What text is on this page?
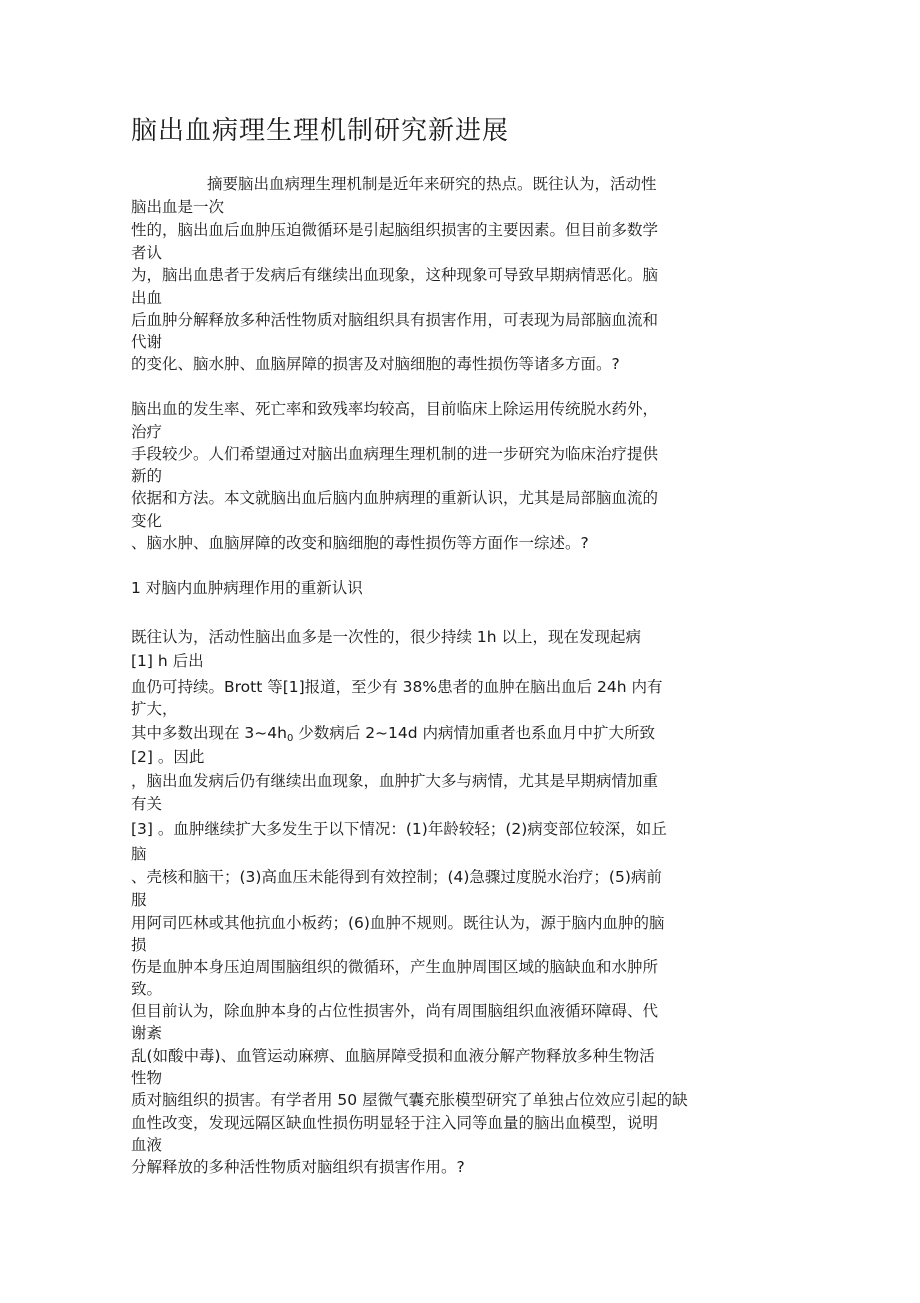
脑出血病理生理机制研究新进展

摘要脑出血病理生理机制是近年来研究的热点。既往认为，活动性

脑出血是一次

性的，脑出血后血肿压迫微循环是引起脑组织损害的主要因素。但目前多数学

者认

为，脑出血患者于发病后有继续出血现象，这种现象可导致早期病情恶化。脑

出血

后血肿分解释放多种活性物质对脑组织具有损害作用，可表现为局部脑血流和

代谢

的变化、脑水肿、血脑屏障的损害及对脑细胞的毒性损伤等诸多方面。?

脑出血的发生率、死亡率和致残率均较高，目前临床上除运用传统脱水药外，

治疗

手段较少。人们希望通过对脑出血病理生理机制的进一步研究为临床治疗提供

新的

依据和方法。本文就脑出血后脑内血肿病理的重新认识，尤其是局部脑血流的

变化

、脑水肿、血脑屏障的改变和脑细胞的毒性损伤等方面作一综述。?

1 对脑内血肿病理作用的重新认识

既往认为，活动性脑出血多是一次性的，很少持续 1h 以上，现在发现起病

[1] h 后出

血仍可持续。Brott 等[1]报道，至少有 38%患者的血肿在脑出血后 24h 内有

扩大，

其中多数出现在 $3\sim 4h_0$ 少数病后 2~14d 内病情加重者也系血月中扩大所致

[2] 。因此

，脑出血发病后仍有继续出血现象，血肿扩大多与病情，尤其是早期病情加重

有关

[3] 。血肿继续扩大多发生于以下情况：(1)年龄较轻；(2)病变部位较深，如丘

脑

、壳核和脑干；(3)高血压未能得到有效控制；(4)急骤过度脱水治疗；(5)病前

服

用阿司匹林或其他抗血小板药；(6)血肿不规则。既往认为，源于脑内血肿的脑

损

伤是血肿本身压迫周围脑组织的微循环，产生血肿周围区域的脑缺血和水肿所

致。

但目前认为，除血肿本身的占位性损害外，尚有周围脑组织血液循环障碍、代

谢紊

乱(如酸中毒)、血管运动麻痹、血脑屏障受损和血液分解产物释放多种生物活

性物

质对脑组织的损害。有学者用 50 屋微气囊充胀模型研究了单独占位效应引起的缺

血性改变，发现远隔区缺血性损伤明显轻于注入同等血量的脑出血模型，说明

血液

分解释放的多种活性物质对脑组织有损害作用。?
